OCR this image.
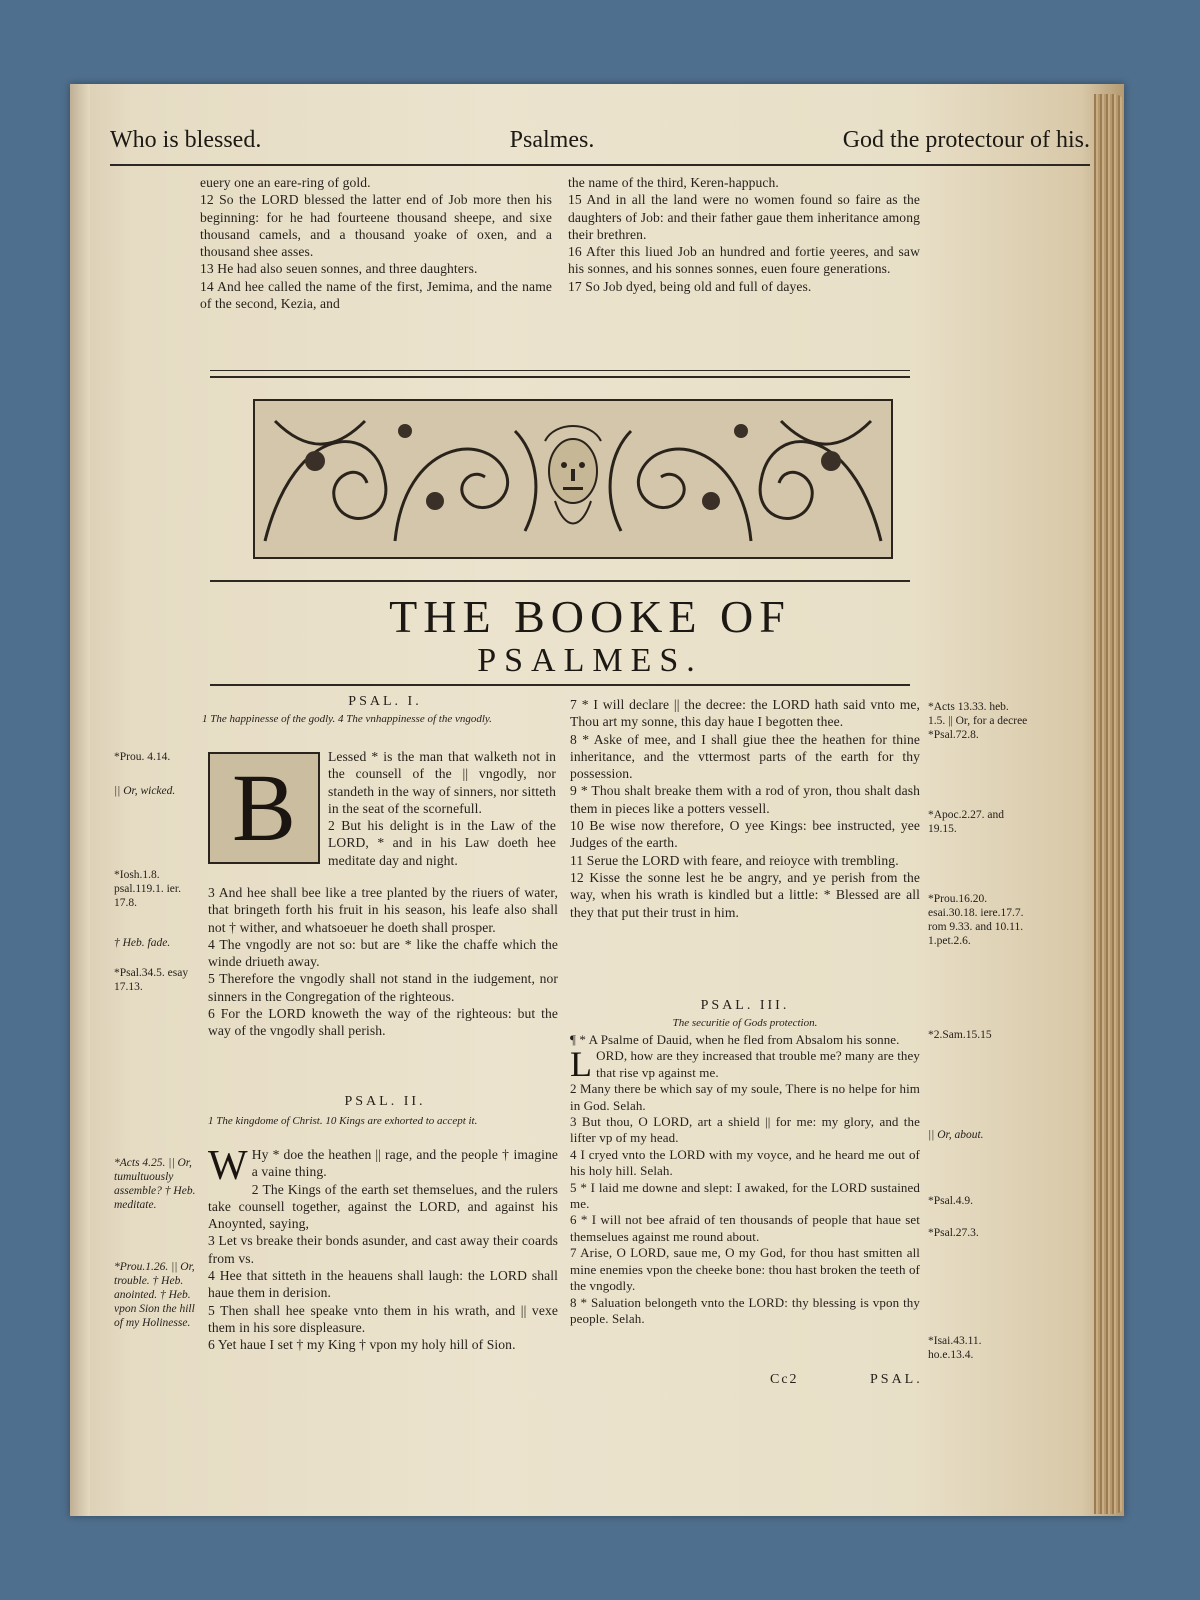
Who is blessed.	Psalmes.	God the protectour of his.

euery one an eare-ring of gold.

12 So the LORD blessed the latter end of Job more then his beginning: for he had fourteene thousand sheepe, and sixe thousand camels, and a thousand yoake of oxen, and a thousand shee asses.

13 He had also seuen sonnes, and three daughters.

14 And hee called the name of the first, Jemima, and the name of the second, Kezia, and

the name of the third, Keren-happuch.

15 And in all the land were no women found so faire as the daughters of Job: and their father gaue them inheritance among their brethren.

16 After this liued Job an hundred and fortie yeeres, and saw his sonnes, and his sonnes sonnes, euen foure generations.

17 So Job dyed, being old and full of dayes.

THE BOOKE OF
PSALMES.
PSAL. I.
1 The happinesse of the godly. 4 The vnhappinesse of the vngodly.
B	Lessed * is the man that walketh not in the counsell of the || vngodly, nor standeth in the way of sinners, nor sitteth in the seat of the scornefull.

2 But his delight is in the Law of the LORD, * and in his Law doeth hee meditate day and night.

3 And hee shall bee like a tree planted by the riuers of water, that bringeth forth his fruit in his season, his leafe also shall not † wither, and whatsoeuer he doeth shall prosper.

4 The vngodly are not so: but are * like the chaffe which the winde driueth away.

5 Therefore the vngodly shall not stand in the iudgement, nor sinners in the Congregation of the righteous.

6 For the LORD knoweth the way of the righteous: but the way of the vngodly shall perish.

PSAL. II.
1 The kingdome of Christ. 10 Kings are exhorted to accept it.

W Hy * doe the heathen || rage, and the people † imagine a vaine thing.

2 The Kings of the earth set themselues, and the rulers take counsell together, against the LORD, and against his Anoynted, saying,

3 Let vs breake their bonds asunder, and cast away their coards from vs.

4 Hee that sitteth in the heauens shall laugh: the LORD shall haue them in derision.

5 Then shall hee speake vnto them in his wrath, and || vexe them in his sore displeasure.

6 Yet haue I set † my King † vpon my holy hill of Sion.

7 * I will declare || the decree: the LORD hath said vnto me, Thou art my sonne, this day haue I begotten thee.

8 * Aske of mee, and I shall giue thee the heathen for thine inheritance, and the vttermost parts of the earth for thy possession.

9 * Thou shalt breake them with a rod of yron, thou shalt dash them in pieces like a potters vessell.

10 Be wise now therefore, O yee Kings: bee instructed, yee Judges of the earth.

11 Serue the LORD with feare, and reioyce with trembling.

12 Kisse the sonne lest he be angry, and ye perish from the way, when his wrath is kindled but a little: * Blessed are all they that put their trust in him.

PSAL. III.
The securitie of Gods protection.

¶ * A Psalme of Dauid, when he fled from Absalom his sonne.

LORD, how are they increased that trouble me? many are they that rise vp against me.

2 Many there be which say of my soule, There is no helpe for him in God. Selah.

3 But thou, O LORD, art a shield || for me: my glory, and the lifter vp of my head.

4 I cryed vnto the LORD with my voyce, and he heard me out of his holy hill. Selah.

5 * I laid me downe and slept: I awaked, for the LORD sustained me.

6 * I will not bee afraid of ten thousands of people that haue set themselues against me round about.

7 Arise, O LORD, saue me, O my God, for thou hast smitten all mine enemies vpon the cheeke bone: thou hast broken the teeth of the vngodly.

8 * Saluation belongeth vnto the LORD: thy blessing is vpon thy people. Selah.

Cc2	PSAL.
*Prou. 4.14.
|| Or, wicked.
*Iosh.1.8. psal.119.1. ier. 17.8.
† Heb. fade.
*Psal.34.5. esay 17.13.
*Acts 4.25. || Or, tumultuously assemble? † Heb. meditate.
*Prou.1.26. || Or, trouble. † Heb. anointed. † Heb. vpon Sion the hill of my Holinesse.
*Acts 13.33. heb. 1.5. || Or, for a decree *Psal.72.8.
*Apoc.2.27. and 19.15.
*Prou.16.20. esai.30.18. iere.17.7. rom 9.33. and 10.11. 1.pet.2.6.
*2.Sam.15.15
|| Or, about.
*Psal.4.9.
*Psal.27.3.
*Isai.43.11. ho.e.13.4.
